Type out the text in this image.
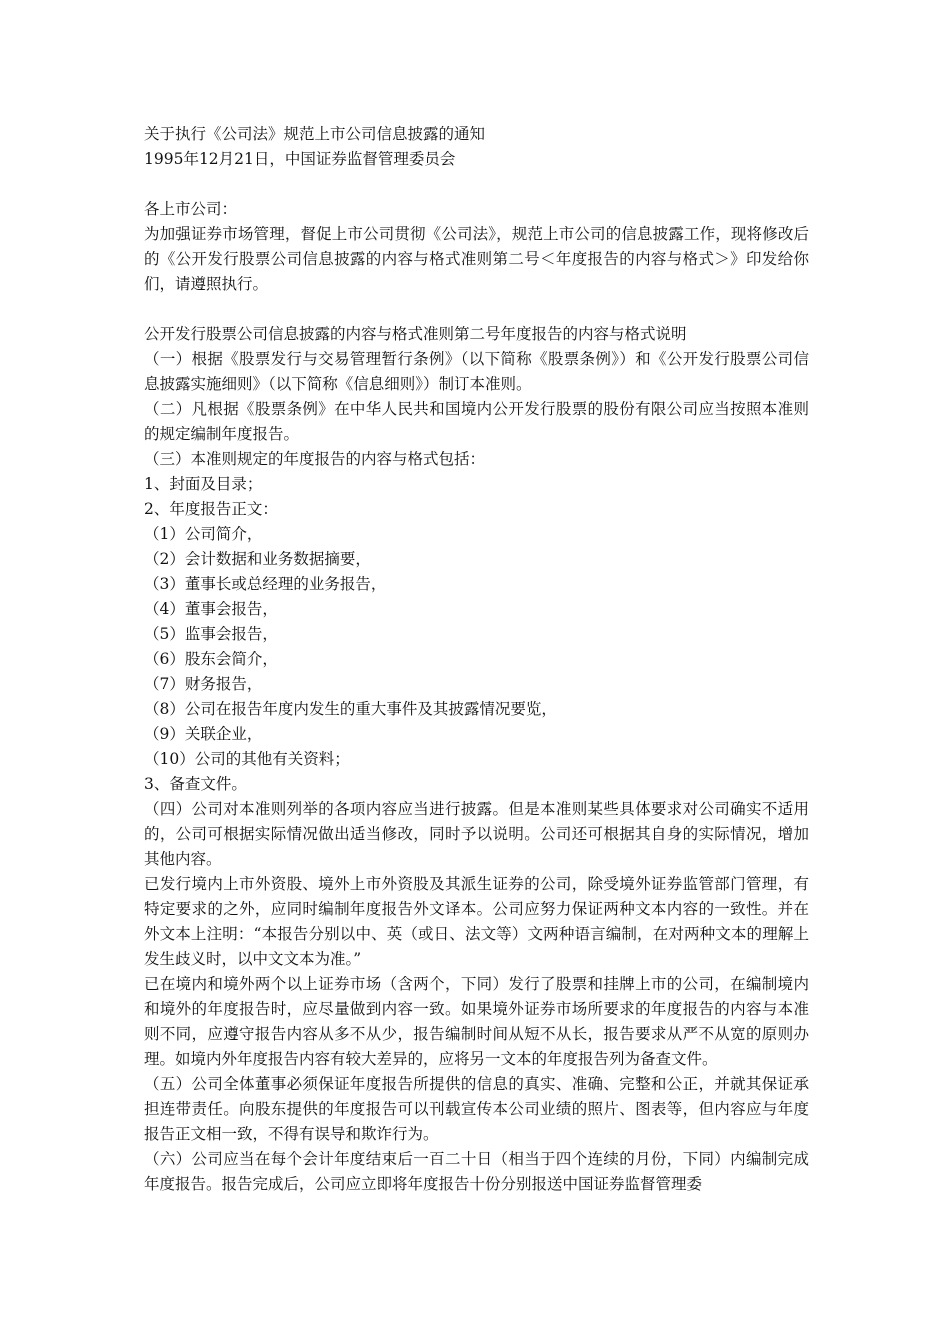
关于执行《公司法》规范上市公司信息披露的通知
1995年12月21日，中国证券监督管理委员会
各上市公司：
为加强证券市场管理，督促上市公司贯彻《公司法》，规范上市公司的信息披露工作，现将修改后的《公开发行股票公司信息披露的内容与格式准则第二号＜年度报告的内容与格式＞》印发给你们，请遵照执行。
公开发行股票公司信息披露的内容与格式准则第二号年度报告的内容与格式说明
（一）根据《股票发行与交易管理暂行条例》（以下简称《股票条例》）和《公开发行股票公司信息披露实施细则》（以下简称《信息细则》）制订本准则。
（二）凡根据《股票条例》在中华人民共和国境内公开发行股票的股份有限公司应当按照本准则的规定编制年度报告。
（三）本准则规定的年度报告的内容与格式包括：
1、封面及目录；
2、年度报告正文：
（1）公司简介，
（2）会计数据和业务数据摘要，
（3）董事长或总经理的业务报告，
（4）董事会报告，
（5）监事会报告，
（6）股东会简介，
（7）财务报告，
（8）公司在报告年度内发生的重大事件及其披露情况要览，
（9）关联企业，
（10）公司的其他有关资料；
3、备查文件。
（四）公司对本准则列举的各项内容应当进行披露。但是本准则某些具体要求对公司确实不适用的，公司可根据实际情况做出适当修改，同时予以说明。公司还可根据其自身的实际情况，增加其他内容。
已发行境内上市外资股、境外上市外资股及其派生证券的公司，除受境外证券监管部门管理，有特定要求的之外，应同时编制年度报告外文译本。公司应努力保证两种文本内容的一致性。并在外文本上注明：“本报告分别以中、英（或日、法文等）文两种语言编制，在对两种文本的理解上发生歧义时，以中文文本为准。”
已在境内和境外两个以上证券市场（含两个，下同）发行了股票和挂牌上市的公司，在编制境内和境外的年度报告时，应尽量做到内容一致。如果境外证券市场所要求的年度报告的内容与本准则不同，应遵守报告内容从多不从少，报告编制时间从短不从长，报告要求从严不从宽的原则办理。如境内外年度报告内容有较大差异的，应将另一文本的年度报告列为备查文件。
（五）公司全体董事必须保证年度报告所提供的信息的真实、准确、完整和公正，并就其保证承担连带责任。向股东提供的年度报告可以刊载宣传本公司业绩的照片、图表等，但内容应与年度报告正文相一致，不得有误导和欺诈行为。
（六）公司应当在每个会计年度结束后一百二十日（相当于四个连续的月份，下同）内编制完成年度报告。报告完成后，公司应立即将年度报告十份分别报送中国证券监督管理委
